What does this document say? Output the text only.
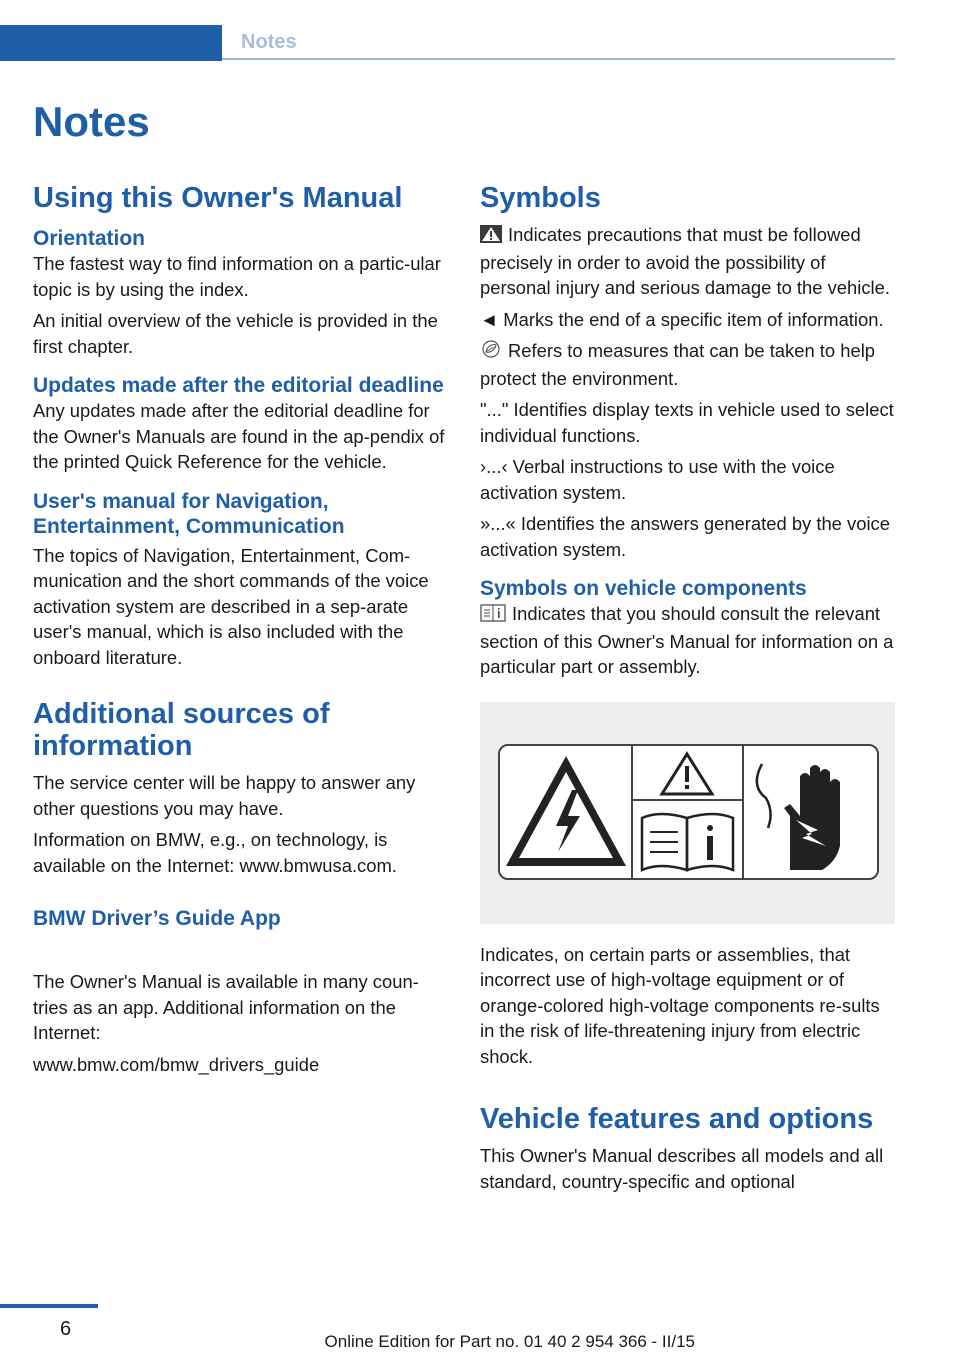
Notes
Notes
Using this Owner's Manual
Orientation

The fastest way to find information on a partic‐ular topic is by using the index.

An initial overview of the vehicle is provided in the first chapter.

Updates made after the editorial deadline

Any updates made after the editorial deadline for the Owner's Manuals are found in the ap‐pendix of the printed Quick Reference for the vehicle.

User's manual for Navigation, Entertainment, Communication

The topics of Navigation, Entertainment, Com‐munication and the short commands of the voice activation system are described in a sep‐arate user's manual, which is also included with the onboard literature.

Additional sources of information

The service center will be happy to answer any other questions you may have.

Information on BMW, e.g., on technology, is available on the Internet: www.bmwusa.com.

BMW Driver’s Guide App

The Owner's Manual is available in many coun‐tries as an app. Additional information on the Internet:

www.bmw.com/bmw_drivers_guide

Symbols

Indicates precautions that must be followed precisely in order to avoid the possibility of personal injury and serious damage to the vehicle.

◄ Marks the end of a specific item of information.

Refers to measures that can be taken to help protect the environment.

"..." Identifies display texts in vehicle used to select individual functions.

›...‹ Verbal instructions to use with the voice activation system.

»...« Identifies the answers generated by the voice activation system.

Symbols on vehicle components

Indicates that you should consult the relevant section of this Owner's Manual for information on a particular part or assembly.

Indicates, on certain parts or assemblies, that incorrect use of high-voltage equipment or of orange-colored high-voltage components re‐sults in the risk of life-threatening injury from electric shock.

Vehicle features and options

This Owner's Manual describes all models and all standard, country-specific and optional

6
Online Edition for Part no. 01 40 2 954 366 - II/15
